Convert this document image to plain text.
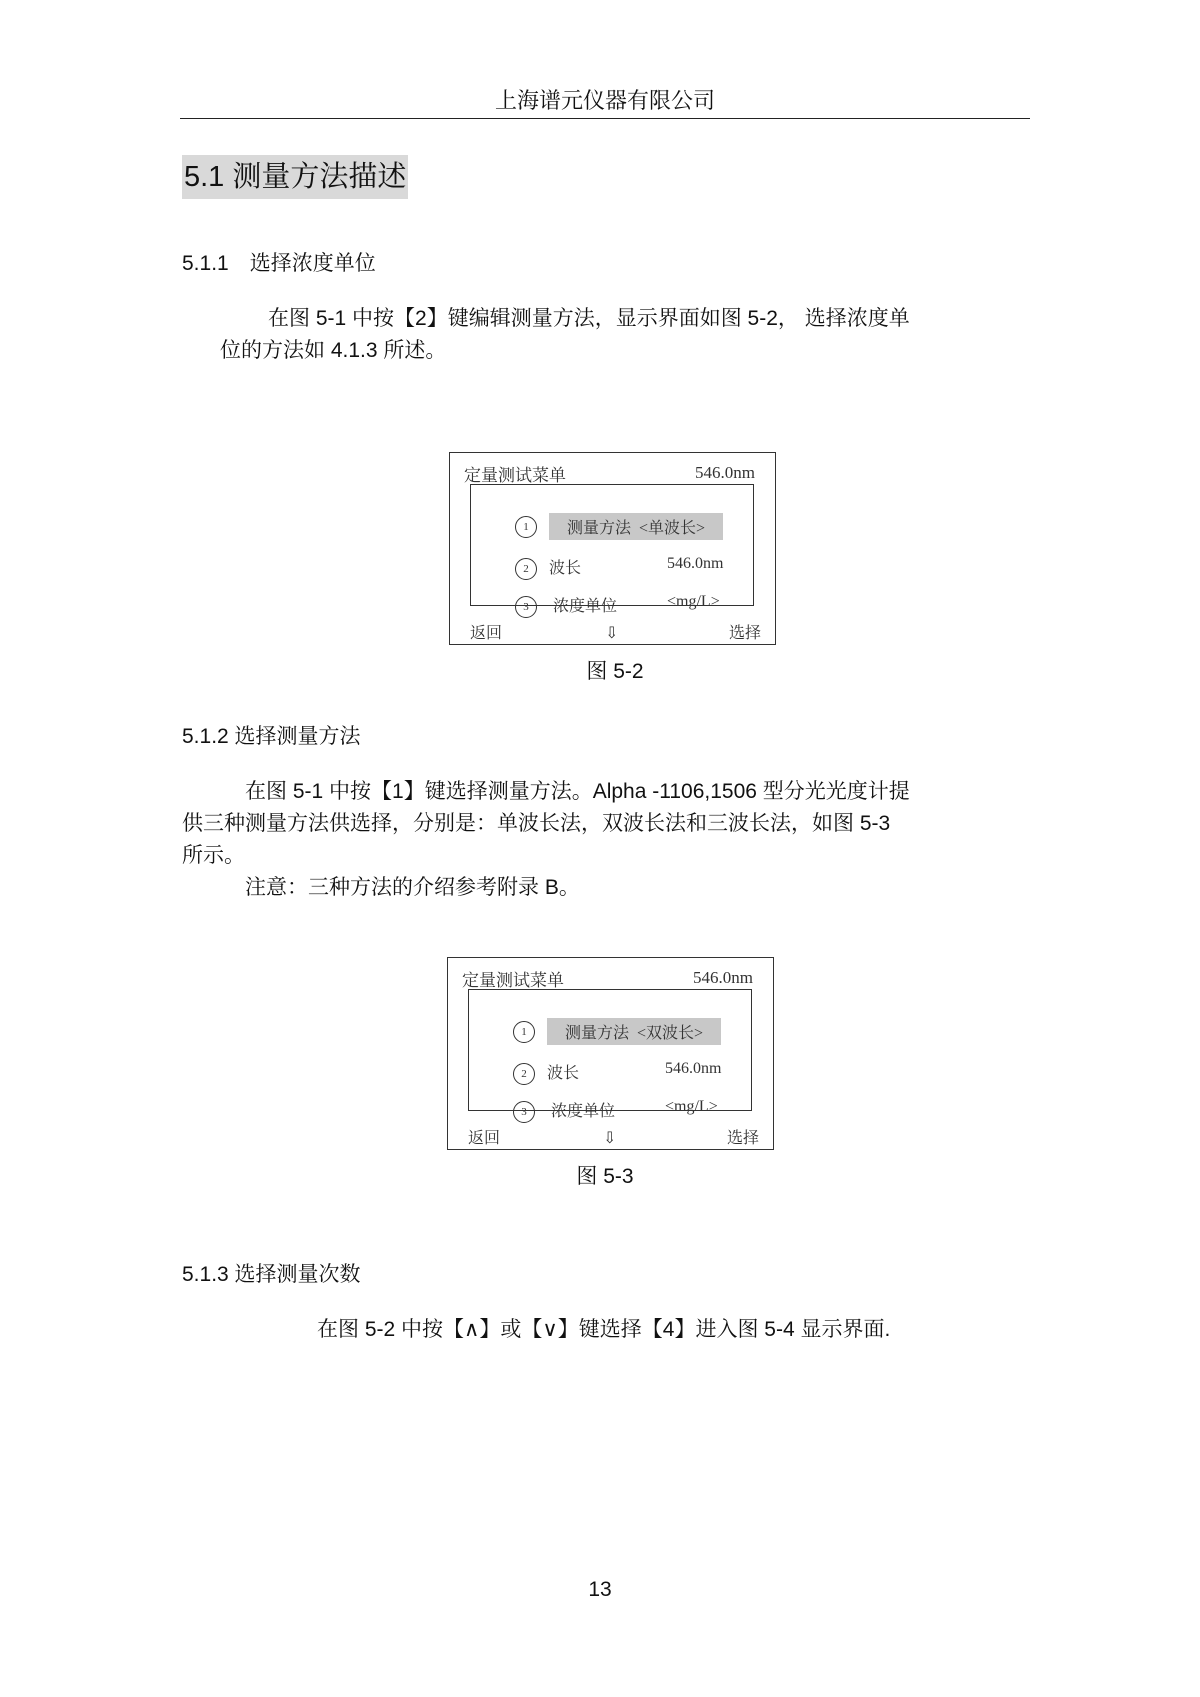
上海谱元仪器有限公司
5.1 测量方法描述
5.1.1　选择浓度单位
在图 5-1 中按【2】键编辑测量方法，显示界面如图 5-2， 选择浓度单
位的方法如 4.1.3 所述。
定量测试菜单	546.0nm

1 测量方法 <单波长>

2 波长	546.0nm

3 浓度单位	<mg/L>

返回	⇩	选择
图 5-2
5.1.2 选择测量方法
在图 5-1 中按【1】键选择测量方法。Alpha -1106,1506 型分光光度计提
供三种测量方法供选择，分别是：单波长法，双波长法和三波长法，如图 5-3
所示。
注意：三种方法的介绍参考附录 B。
定量测试菜单	546.0nm

1 测量方法 <双波长>

2 波长	546.0nm

3 浓度单位	<mg/L>

返回	⇩	选择
图 5-3
5.1.3 选择测量次数
在图 5-2 中按【∧】或【∨】键选择【4】进入图 5-4 显示界面.
13
